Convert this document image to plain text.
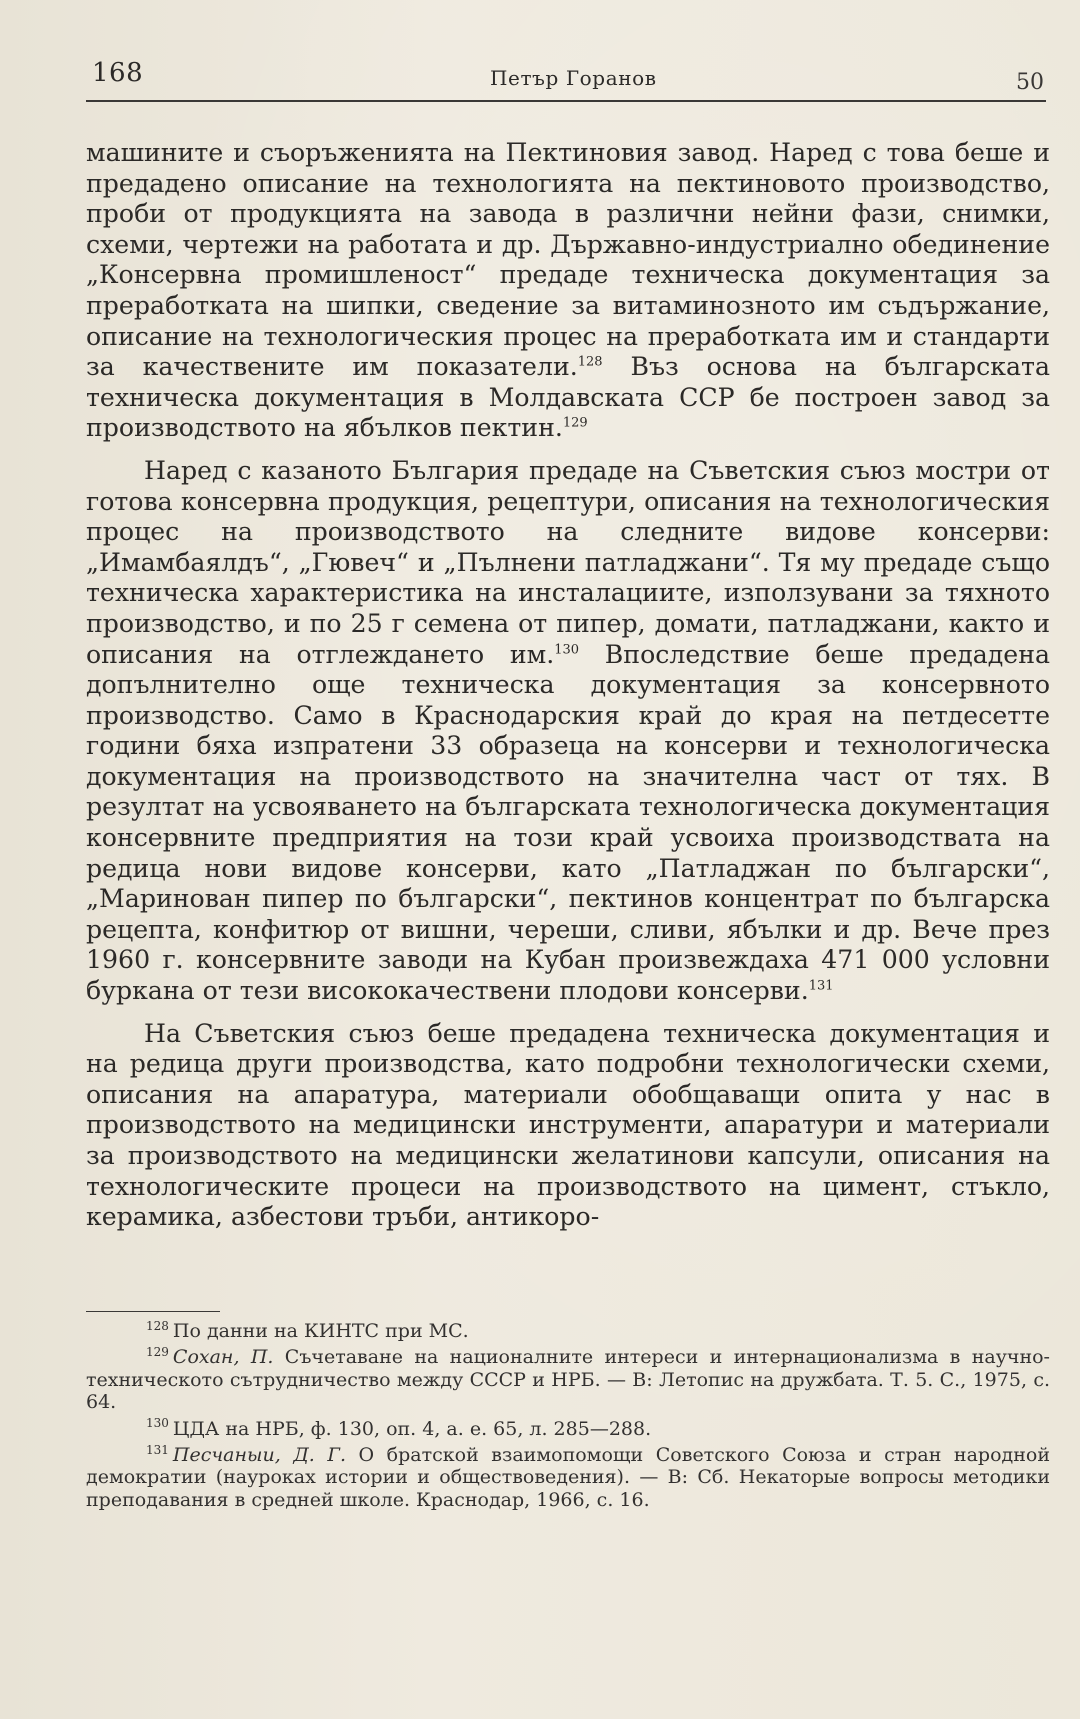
168	Петър Горанов	50

машините и съоръженията на Пектиновия завод. Наред с това беше и предадено описание на технологията на пектиновото производство, проби от продукцията на завода в различни нейни фази, снимки, схеми, чертежи на работата и др. Държавно-индустриално обединение „Консервна промишленост“ предаде техническа документация за преработката на шипки, сведение за витаминозното им съдържание, описание на технологическия процес на преработката им и стандарти за качествените им показатели.$^{128}$ Въз основа на българската техническа документация в Молдавската ССР бе построен завод за производството на ябълков пектин.$^{129}$

Наред с казаното България предаде на Съветския съюз мостри от готова консервна продукция, рецептури, описания на технологическия процес на производството на следните видове консерви: „Имамбаялдъ“, „Гювеч“ и „Пълнени патладжани“. Тя му предаде също техническа характеристика на инсталациите, използувани за тяхното производство, и по 25 г семена от пипер, домати, патладжани, както и описания на отглеждането им.$^{130}$ Впоследствие беше предадена допълнително още техническа документация за консервното производство. Само в Краснодарския край до края на петдесетте години бяха изпратени 33 образеца на консерви и технологическа документация на производството на значителна част от тях. В резултат на усвояването на българската технологическа документация консервните предприятия на този край усвоиха производствата на редица нови видове консерви, като „Патладжан по български“, „Маринован пипер по български“, пектинов концентрат по българска рецепта, конфитюр от вишни, череши, сливи, ябълки и др. Вече през 1960 г. консервните заводи на Кубан произвеждаха 471 000 условни буркана от тези висококачествени плодови консерви.$^{131}$

На Съветския съюз беше предадена техническа документация и на редица други производства, като подробни технологически схеми, описания на апаратура, материали обобщаващи опита у нас в производството на медицински инструменти, апаратури и материали за производството на медицински желатинови капсули, описания на технологическите процеси на производството на цимент, стъкло, керамика, азбестови тръби, антикоро-

$^{128}$ По данни на КИНТС при МС.

$^{129}$ Сохан, П. Съчетаване на националните интереси и интернационализма в научно-техническото сътрудничество между СССР и НРБ. — В: Летопис на дружбата. Т. 5. С., 1975, с. 64.

$^{130}$ ЦДА на НРБ, ф. 130, оп. 4, а. е. 65, л. 285—288.

$^{131}$ Песчаныи, Д. Г. О братской взаимопомощи Советского Союза и стран народной демократии (науроках истории и обществоведения). — В: Сб. Некаторые вопросы методики преподавания в средней школе. Краснодар, 1966, с. 16.
